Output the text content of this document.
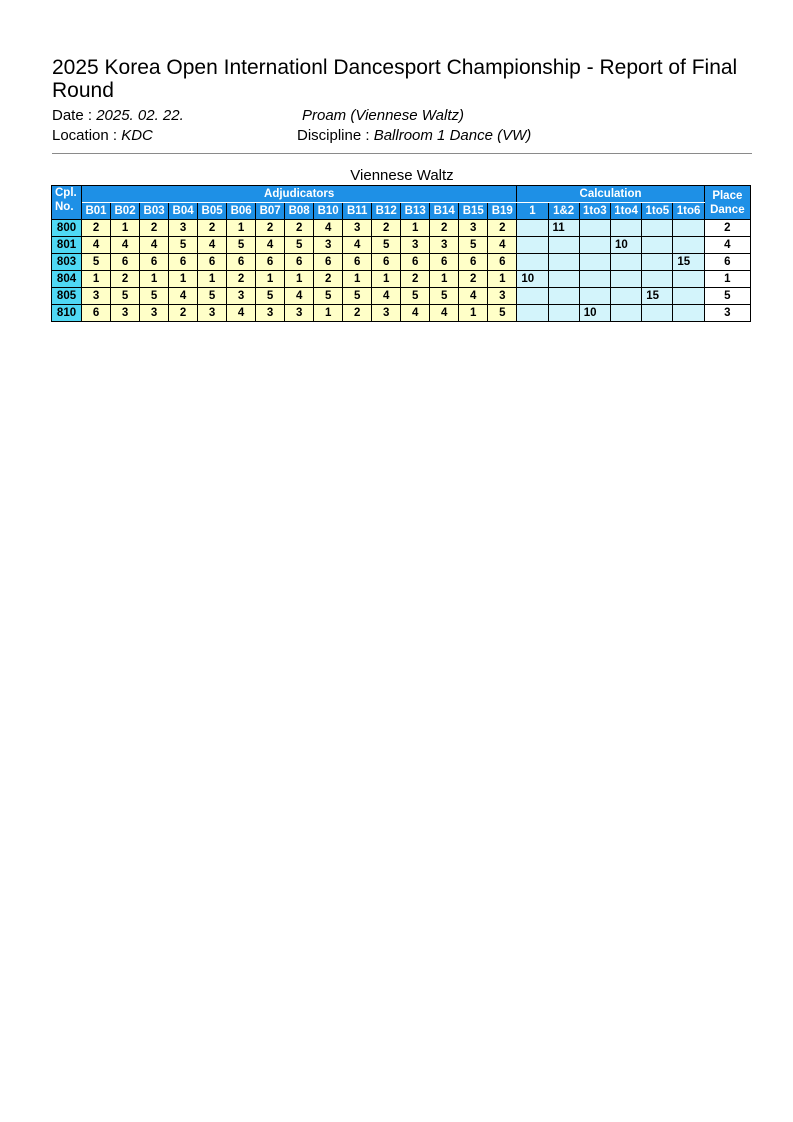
2025 Korea Open Internationl Dancesport Championship - Report of Final Round
Date : 2025. 02. 22.	Proam (Viennese Waltz)
Location : KDC	Discipline : Ballroom 1 Dance (VW)
Viennese Waltz
Cpl.
No.	Adjudicators															Calculation						Place
Dance
	B01	B02	B03	B04	B05	B06	B07	B08	B10	B11	B12	B13	B14	B15	B19	1	1&2	1to3	1to4	1to5	1to6	
800	2	1	2	3	2	1	2	2	4	3	2	1	2	3	2		11					2
801	4	4	4	5	4	5	4	5	3	4	5	3	3	5	4				10			4
803	5	6	6	6	6	6	6	6	6	6	6	6	6	6	6						15	6
804	1	2	1	1	1	2	1	1	2	1	1	2	1	2	1	10						1
805	3	5	5	4	5	3	5	4	5	5	4	5	5	4	3					15		5
810	6	3	3	2	3	4	3	3	1	2	3	4	4	1	5			10				3
